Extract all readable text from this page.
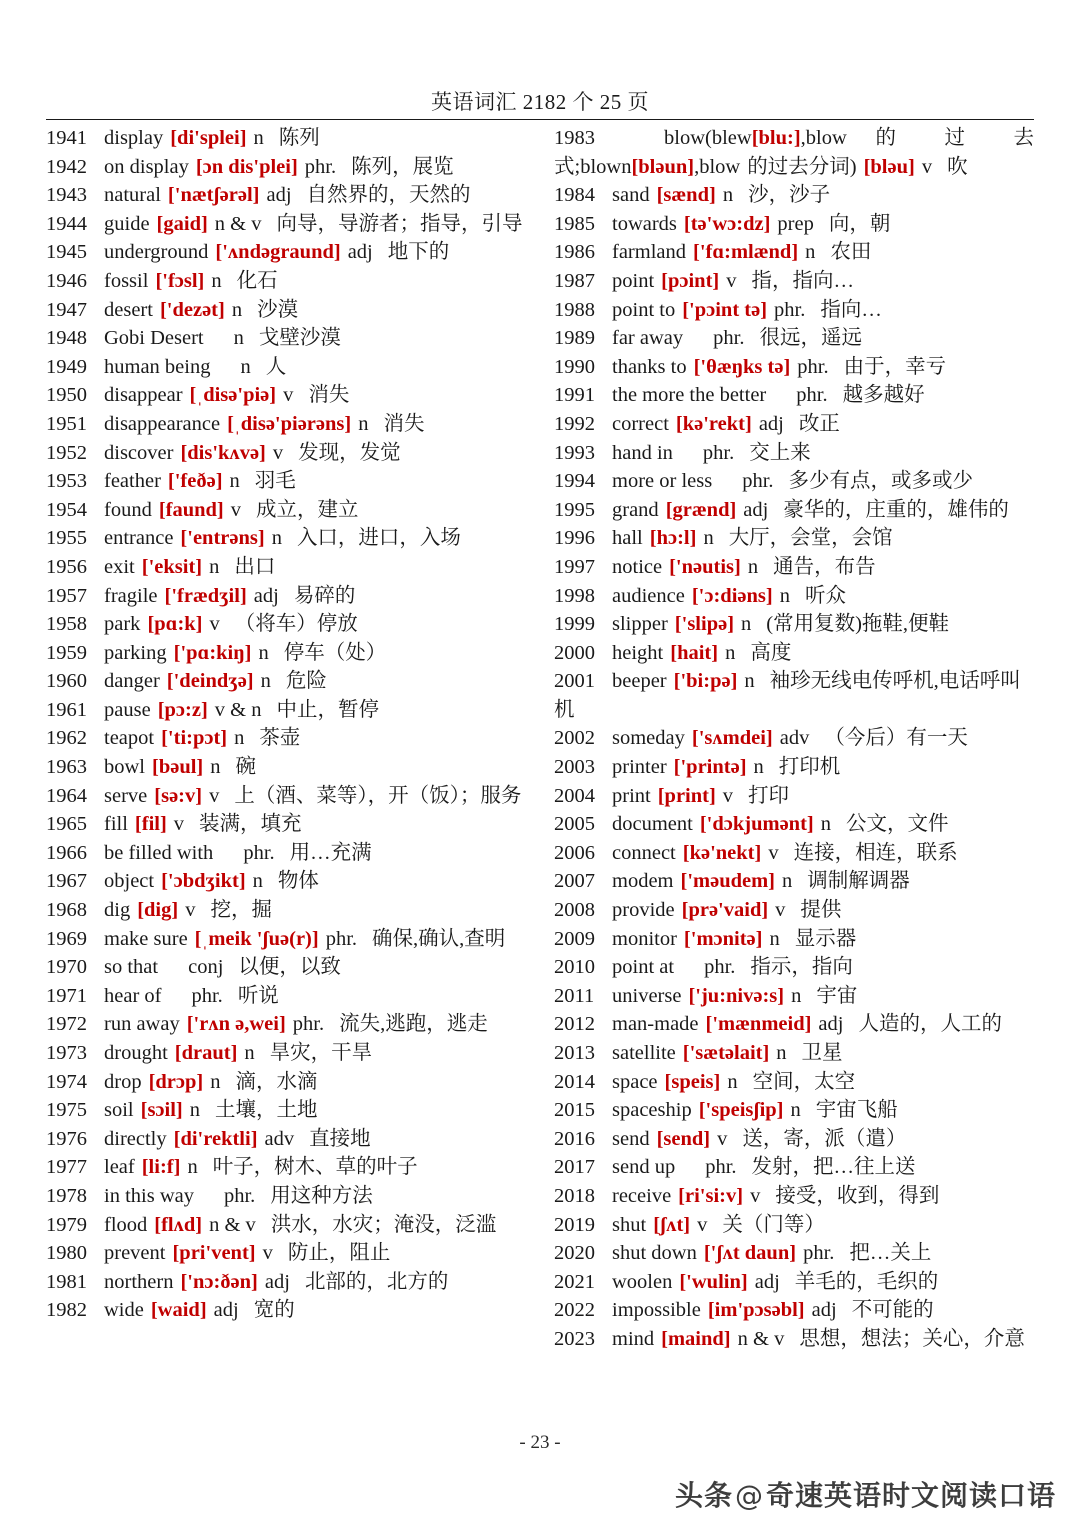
英语词汇 2182 个 25 页
1941 display [di'splei] n 陈列
1942 on display [ɔn dis'plei] phr. 陈列，展览
1943 natural ['nætʃərəl] adj 自然界的，天然的
1944 guide [gaid] n & v 向导，导游者；指导，引导
1945 underground ['ʌndəgraund] adj 地下的
1946 fossil ['fɔsl] n 化石
1947 desert ['dezət] n 沙漠
1948 Gobi Desert n 戈壁沙漠
1949 human being n 人
1950 disappear [ˌdisə'piə] v 消失
1951 disappearance [ˌdisə'piərəns] n 消失
1952 discover [dis'kʌvə] v 发现，发觉
1953 feather ['feðə] n 羽毛
1954 found [faund] v 成立，建立
1955 entrance ['entrəns] n 入口，进口，入场
1956 exit ['eksit] n 出口
1957 fragile ['frædʒil] adj 易碎的
1958 park [pɑ:k] v （将车）停放
1959 parking ['pɑ:kiŋ] n 停车（处）
1960 danger ['deindʒə] n 危险
1961 pause [pɔ:z] v & n 中止，暂停
1962 teapot ['ti:pɔt] n 茶壶
1963 bowl [bəul] n 碗
1964 serve [sə:v] v 上（酒、菜等），开（饭）；服务
1965 fill [fil] v 装满，填充
1966 be filled with phr. 用…充满
1967 object ['ɔbdʒikt] n 物体
1968 dig [dig] v 挖，掘
1969 make sure [ˌmeik 'ʃuə(r)] phr. 确保,确认,查明
1970 so that conj 以便，以致
1971 hear of phr. 听说
1972 run away ['rʌn ə,wei] phr. 流失,逃跑，逃走
1973 drought [draut] n 旱灾，干旱
1974 drop [drɔp] n 滴，水滴
1975 soil [sɔil] n 土壤，土地
1976 directly [di'rektli] adv 直接地
1977 leaf [li:f] n 叶子，树木、草的叶子
1978 in this way phr. 用这种方法
1979 flood [flʌd] n & v 洪水，水灾；淹没，泛滥
1980 prevent [pri'vent] v 防止，阻止
1981 northern ['nɔ:ðən] adj 北部的，北方的
1982 wide [waid] adj 宽的
1983	blow(blew[blu:],blow 的 过 去 式;blown[bləun],blow 的过去分词) [bləu] v 吹
1984 sand [sænd] n 沙，沙子
1985 towards [tə'wɔ:dz] prep 向，朝
1986 farmland ['fɑ:mlænd] n 农田
1987 point [pɔint] v 指，指向…
1988 point to ['pɔint tə] phr. 指向…
1989 far away phr. 很远，遥远
1990 thanks to ['θæŋks tə] phr. 由于，幸亏
1991 the more the better phr. 越多越好
1992 correct [kə'rekt] adj 改正
1993 hand in phr. 交上来
1994 more or less phr. 多少有点，或多或少
1995 grand [grænd] adj 豪华的，庄重的，雄伟的
1996 hall [hɔ:l] n 大厅，会堂，会馆
1997 notice ['nəutis] n 通告，布告
1998 audience ['ɔ:diəns] n 听众
1999 slipper ['slipə] n (常用复数)拖鞋,便鞋
2000 height [hait] n 高度
2001 beeper ['bi:pə] n 袖珍无线电传呼机,电话呼叫机
2002 someday ['sʌmdei] adv （今后）有一天
2003 printer ['printə] n 打印机
2004 print [print] v 打印
2005 document ['dɔkjumənt] n 公文，文件
2006 connect [kə'nekt] v 连接，相连，联系
2007 modem ['məudem] n 调制解调器
2008 provide [prə'vaid] v 提供
2009 monitor ['mɔnitə] n 显示器
2010 point at phr. 指示，指向
2011 universe ['ju:nivə:s] n 宇宙
2012 man-made ['mænmeid] adj 人造的，人工的
2013 satellite ['sætəlait] n 卫星
2014 space [speis] n 空间，太空
2015 spaceship ['speisʃip] n 宇宙飞船
2016 send [send] v 送，寄，派（遣）
2017 send up phr. 发射，把…往上送
2018 receive [ri'si:v] v 接受，收到，得到
2019 shut [ʃʌt] v 关（门等）
2020 shut down ['ʃʌt daun] phr. 把…关上
2021 woolen ['wulin] adj 羊毛的，毛织的
2022 impossible [im'pɔsəbl] adj 不可能的
2023 mind [maind] n & v 思想，想法；关心，介意
- 23 -
头条@奇速英语时文阅读口语
